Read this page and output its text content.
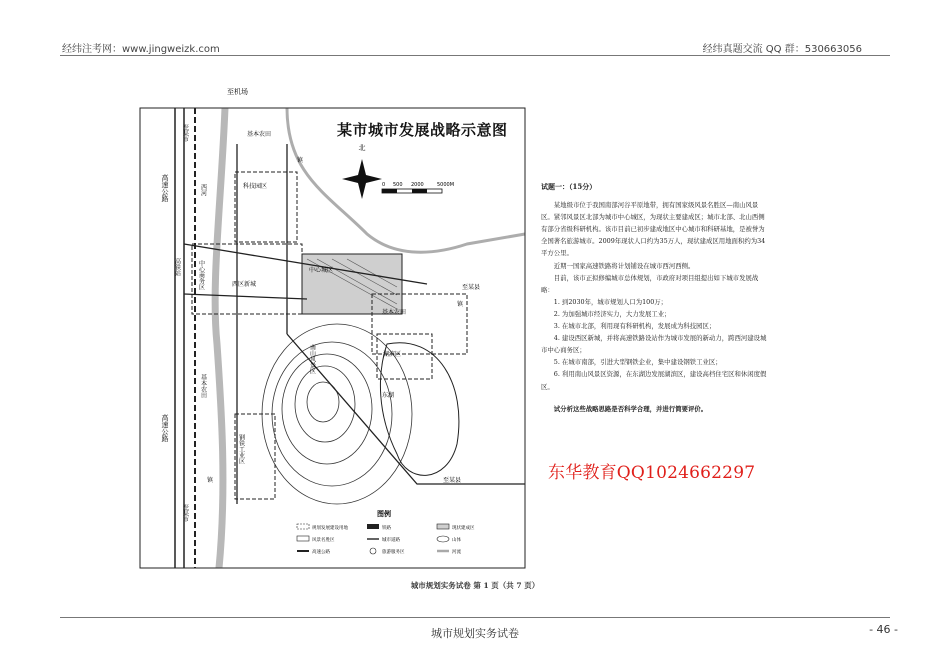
经纬注考网：www.jingweizk.com	经纬真题交流 QQ 群：530663056
北
0 500 2000	5000M
至机场
至某市	基本农田
高速公路
镇
科技园区
中心商务区	西区新城
西河
高铁站	中心城区
至某县
镇
基本农田
湖滨区
南山风景区
东湖
基本农田
高速公路
钢铁工业区
镇	至某县
至某市	图例
规划发展建设用地	铁路	现状建成区
风景名胜区	城市道路	山体
高速公路	旅游服务区	河流
某市城市发展战略示意图
试题一：（15分）

某地级市位于我国南部河谷平原地带，拥有国家级风景名胜区—南山风景区。紧邻风景区北部为城市中心城区，为现状主要建成区；城市北部、北山西侧有部分省级科研机构。该市目前已初步建成地区中心城市和科研基地，是被誉为全国著名旅游城市。2009年现状人口约为35万人，现状建成区用地面积约为34平方公里。

近期一国家高速铁路将计划铺设在城市西河西侧。

目前，该市正拟修编城市总体规划，市政府对项目组提出如下城市发展战略：

1. 到2030年，城市规划人口为100万；

2. 为加强城市经济实力，大力发展工业；

3. 在城市北部，利用现有科研机构，发展成为科技园区；

4. 建设西区新城，并将高速铁路设站作为城市发展的新动力，跨西河建设城市中心商务区；

5. 在城市南部，引进大型钢铁企业，集中建设钢铁工业区；

6. 利用南山风景区资源，在东湖边发展湖滨区，建设高档住宅区和休闲度假区。

试分析这些战略思路是否科学合理，并进行简要评价。

东华教育QQ1024662297
城市规划实务试卷 第 1 页（共 7 页）
城市规划实务试卷	- 46 -
